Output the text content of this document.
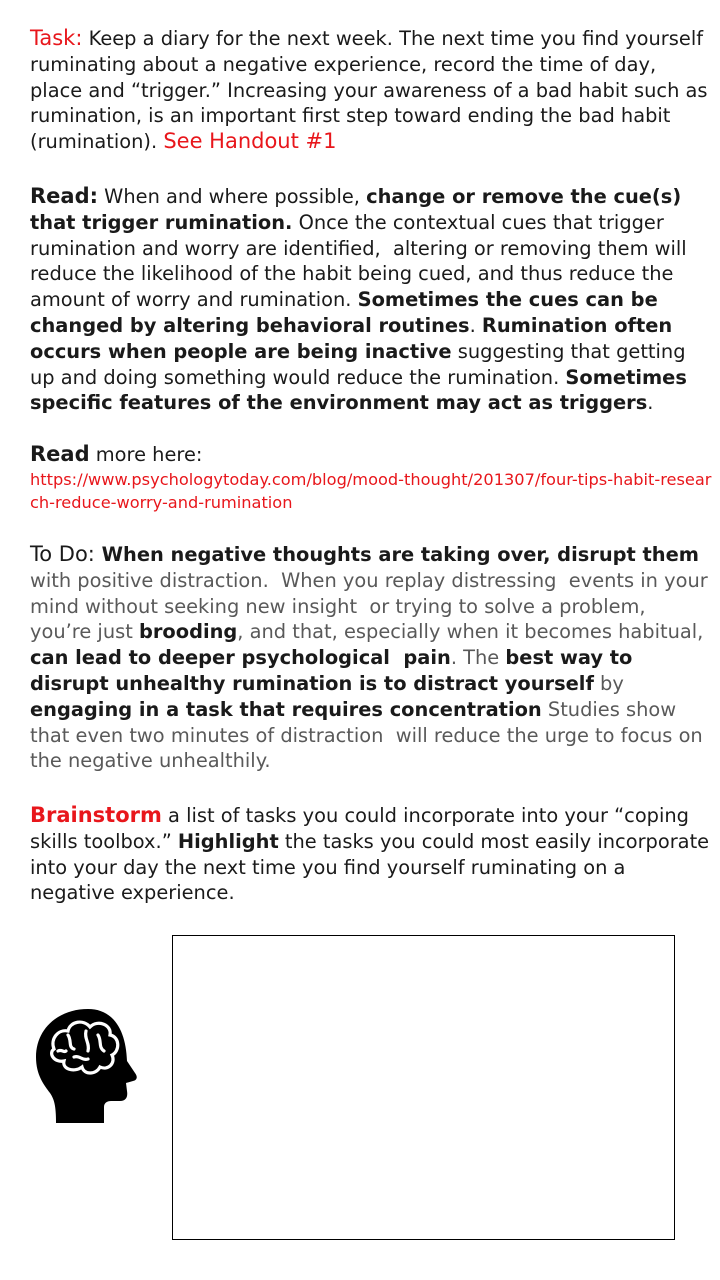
Task: Keep a diary for the next week. The next time you find yourself ruminating about a negative experience, record the time of day, place and “trigger.” Increasing your awareness of a bad habit such as rumination, is an important first step toward ending the bad habit (rumination). See Handout #1
Read: When and where possible, change or remove the cue(s) that trigger rumination. Once the contextual cues that trigger rumination and worry are identified,  altering or removing them will reduce the likelihood of the habit being cued, and thus reduce the amount of worry and rumination. Sometimes the cues can be changed by altering behavioral routines. Rumination often occurs when people are being inactive suggesting that getting up and doing something would reduce the rumination. Sometimes specific features of the environment may act as triggers.
Read more here:
https://www.psychologytoday.com/blog/mood-thought/201307/four-tips-habit-research-reduce-worry-and-rumination
To Do: When negative thoughts are taking over, disrupt them with positive distraction.  When you replay distressing  events in your mind without seeking new insight  or trying to solve a problem, you’re just brooding, and that, especially when it becomes habitual, can lead to deeper psychological  pain. The best way to disrupt unhealthy rumination is to distract yourself by engaging in a task that requires concentration Studies show that even two minutes of distraction  will reduce the urge to focus on the negative unhealthily.
Brainstorm a list of tasks you could incorporate into your “coping skills toolbox.” Highlight the tasks you could most easily incorporate into your day the next time you find yourself ruminating on a negative experience.
